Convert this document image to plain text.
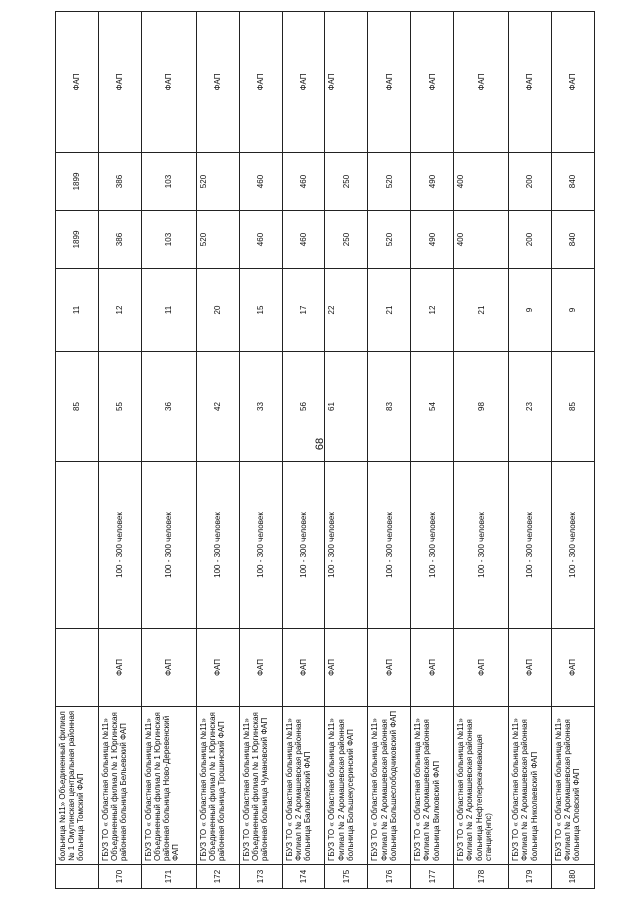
68
	больница №11» Объединенный филиал № 1 Омутинская центральная районная больница Томский ФАП			85	11	1899	1899	ФАП
170	ГБУЗ ТО « Областная больница №11» Объединенный филиал № 1 Юргинская районная больница Бельевский ФАП	ФАП	100 - 300 человек	55	12	386	386	ФАП
171	ГБУЗ ТО « Областная больница №11» Объединенный филиал № 1 Юргинская районная больница Ново-Деревенский ФАП	ФАП	100 - 300 человек	36	11	103	103	ФАП
172	ГБУЗ ТО « Областная больница №11» Объединенный филиал № 1 Юргинская районная больница Трошинский ФАП	ФАП	100 - 300 человек	42	20	520	520	ФАП
173	ГБУЗ ТО « Областная больница №11» Объединенный филиал № 1 Юргинская районная больница Чумановский ФАП	ФАП	100 - 300 человек	33	15	460	460	ФАП
174	ГБУЗ ТО « Областная больница №11» Филиал № 2 Аромашевская районная больница Балаклейский ФАП	ФАП	100 - 300 человек	56	17	460	460	ФАП
175	ГБУЗ ТО « Областная больница №11» Филиал № 2 Аромашевская районная больница Большекусеринский ФАП	ФАП	100 - 300 человек	61	22	250	250	ФАП
176	ГБУЗ ТО « Областная больница №11» Филиал № 2 Аромашевская районная больница Большеслободчиковский ФАП	ФАП	100 - 300 человек	83	21	520	520	ФАП
177	ГБУЗ ТО « Областная больница №11» Филиал № 2 Аромашевская районная больница Вилковский ФАП	ФАП	100 - 300 человек	54	12	490	490	ФАП
178	ГБУЗ ТО « Областная больница №11» Филиал № 2 Аромашевская районная больница Нефтеперекачивающая станция(нпс)	ФАП	100 - 300 человек	98	21	400	400	ФАП
179	ГБУЗ ТО « Областная больница №11» Филиал № 2 Аромашевская районная больница Николаевский ФАП	ФАП	100 - 300 человек	23	9	200	200	ФАП
180	ГБУЗ ТО « Областная больница №11» Филиал № 2 Аромашевская районная больница Оповский ФАП	ФАП	100 - 300 человек	85	9	840	840	ФАП
